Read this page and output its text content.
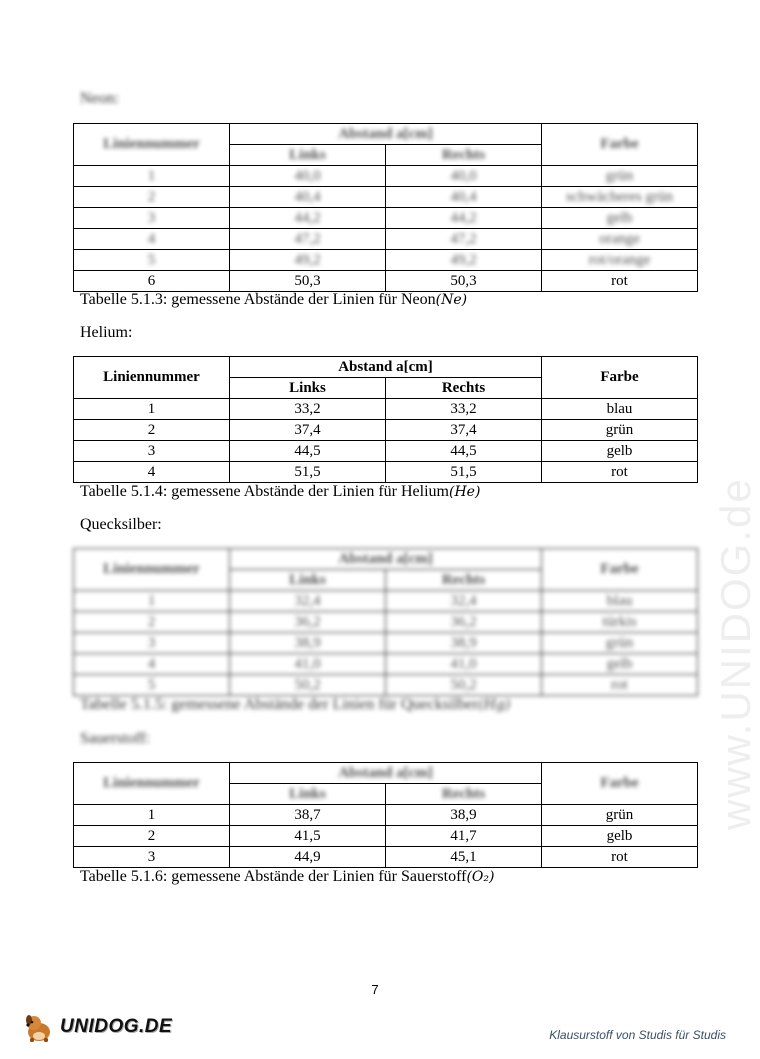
www.UNIDOG.de
Neon:
Liniennummer	Abstand a[cm]		Farbe
	Links	Rechts	
1	40,0	40,0	grün
2	40,4	40,4	schwächeres grün
3	44,2	44,2	gelb
4	47,2	47,2	orange
5	49,2	49,2	rot/orange
6	50,3	50,3	rot
Tabelle 5.1.3: gemessene Abstände der Linien für Neon(Ne)
Helium:
Liniennummer	Abstand a[cm]		Farbe
	Links	Rechts	
1	33,2	33,2	blau
2	37,4	37,4	grün
3	44,5	44,5	gelb
4	51,5	51,5	rot
Tabelle 5.1.4: gemessene Abstände der Linien für Helium(He)
Quecksilber:
Liniennummer	Abstand a[cm]		Farbe
	Links	Rechts	
1	32,4	32,4	blau
2	36,2	36,2	türkis
3	38,9	38,9	grün
4	41,0	41,0	gelb
5	50,2	50,2	rot
Tabelle 5.1.5: gemessene Abstände der Linien für Quecksilber(Hg)
Sauerstoff:
Liniennummer	Abstand a[cm]		Farbe
	Links	Rechts	
1	38,7	38,9	grün
2	41,5	41,7	gelb
3	44,9	45,1	rot
Tabelle 5.1.6: gemessene Abstände der Linien für Sauerstoff(O₂)
7
UNIDOG.DE	Klausurstoff von Studis für Studis
